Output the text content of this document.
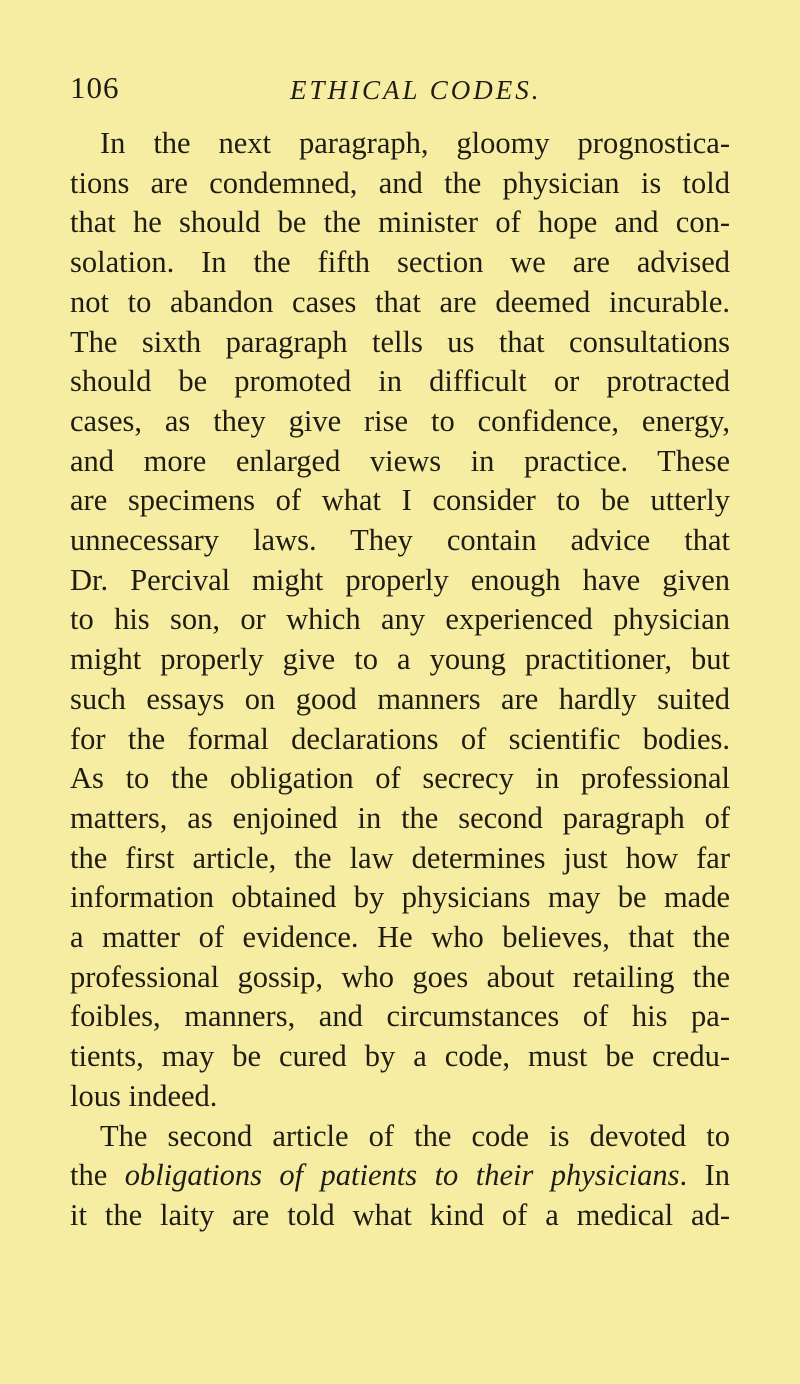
106	ETHICAL CODES.
In the next paragraph, gloomy prognostica-
tions are condemned, and the physician is told
that he should be the minister of hope and con-
solation. In the fifth section we are advised
not to abandon cases that are deemed incurable.
The sixth paragraph tells us that consultations
should be promoted in difficult or protracted
cases, as they give rise to confidence, energy,
and more enlarged views in practice. These
are specimens of what I consider to be utterly
unnecessary laws. They contain advice that
Dr. Percival might properly enough have given
to his son, or which any experienced physician
might properly give to a young practitioner, but
such essays on good manners are hardly suited
for the formal declarations of scientific bodies.
As to the obligation of secrecy in professional
matters, as enjoined in the second paragraph of
the first article, the law determines just how far
information obtained by physicians may be made
a matter of evidence. He who believes, that the
professional gossip, who goes about retailing the
foibles, manners, and circumstances of his pa-
tients, may be cured by a code, must be credu-
lous indeed.
The second article of the code is devoted to
the obligations of patients to their physicians. In
it the laity are told what kind of a medical ad-
